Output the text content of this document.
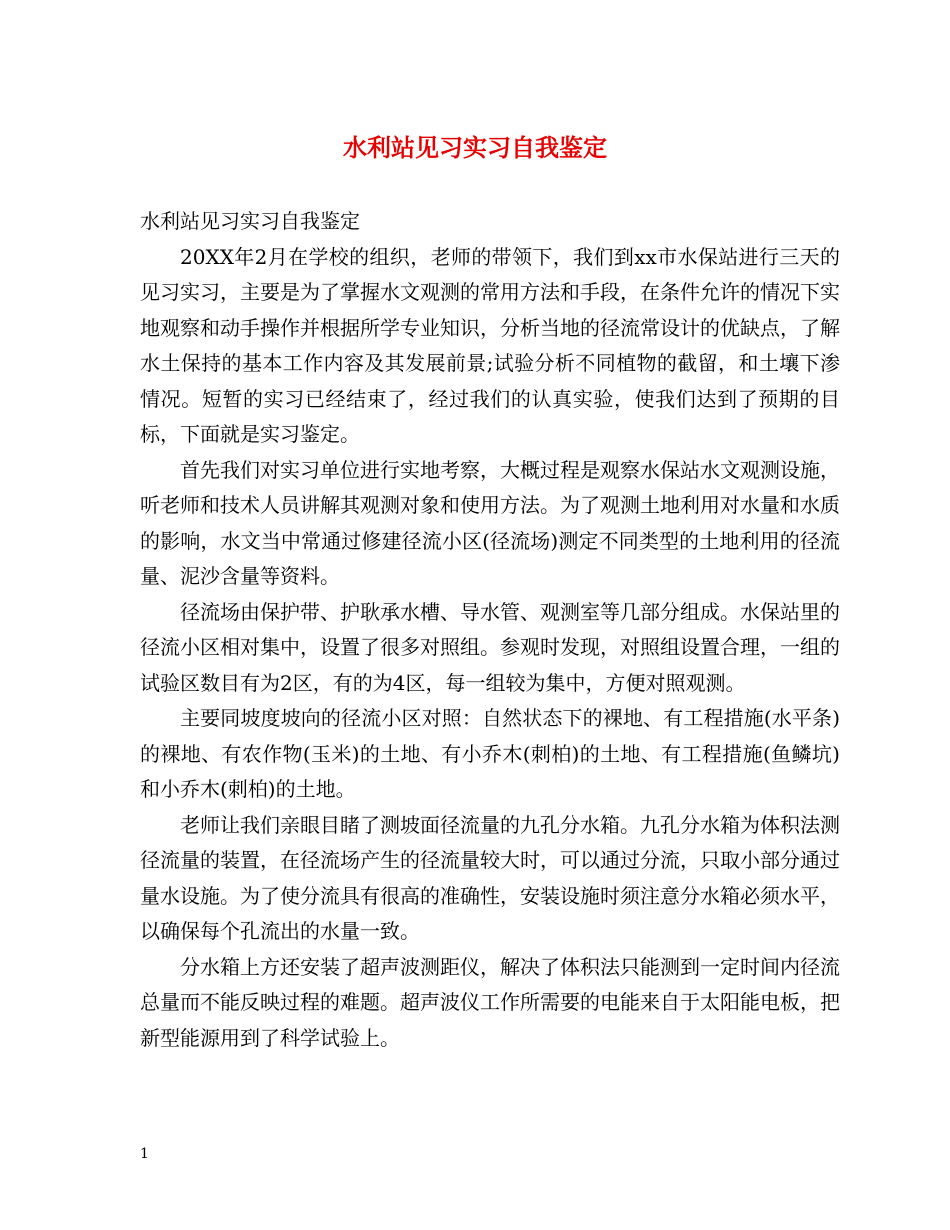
水利站见习实习自我鉴定

水利站见习实习自我鉴定

20XX年2月在学校的组织，老师的带领下，我们到xx市水保站进行三天的见习实习，主要是为了掌握水文观测的常用方法和手段，在条件允许的情况下实地观察和动手操作并根据所学专业知识，分析当地的径流常设计的优缺点，了解水土保持的基本工作内容及其发展前景;试验分析不同植物的截留，和土壤下渗情况。短暂的实习已经结束了，经过我们的认真实验，使我们达到了预期的目标，下面就是实习鉴定。

首先我们对实习单位进行实地考察，大概过程是观察水保站水文观测设施，听老师和技术人员讲解其观测对象和使用方法。为了观测土地利用对水量和水质的影响，水文当中常通过修建径流小区(径流场)测定不同类型的土地利用的径流量、泥沙含量等资料。

径流场由保护带、护耿承水槽、导水管、观测室等几部分组成。水保站里的径流小区相对集中，设置了很多对照组。参观时发现，对照组设置合理，一组的试验区数目有为2区，有的为4区，每一组较为集中，方便对照观测。

主要同坡度坡向的径流小区对照：自然状态下的裸地、有工程措施(水平条)的裸地、有农作物(玉米)的土地、有小乔木(刺柏)的土地、有工程措施(鱼鳞坑)和小乔木(刺柏)的土地。

老师让我们亲眼目睹了测坡面径流量的九孔分水箱。九孔分水箱为体积法测径流量的装置，在径流场产生的径流量较大时，可以通过分流，只取小部分通过量水设施。为了使分流具有很高的准确性，安装设施时须注意分水箱必须水平，以确保每个孔流出的水量一致。

分水箱上方还安装了超声波测距仪，解决了体积法只能测到一定时间内径流总量而不能反映过程的难题。超声波仪工作所需要的电能来自于太阳能电板，把新型能源用到了科学试验上。

1
